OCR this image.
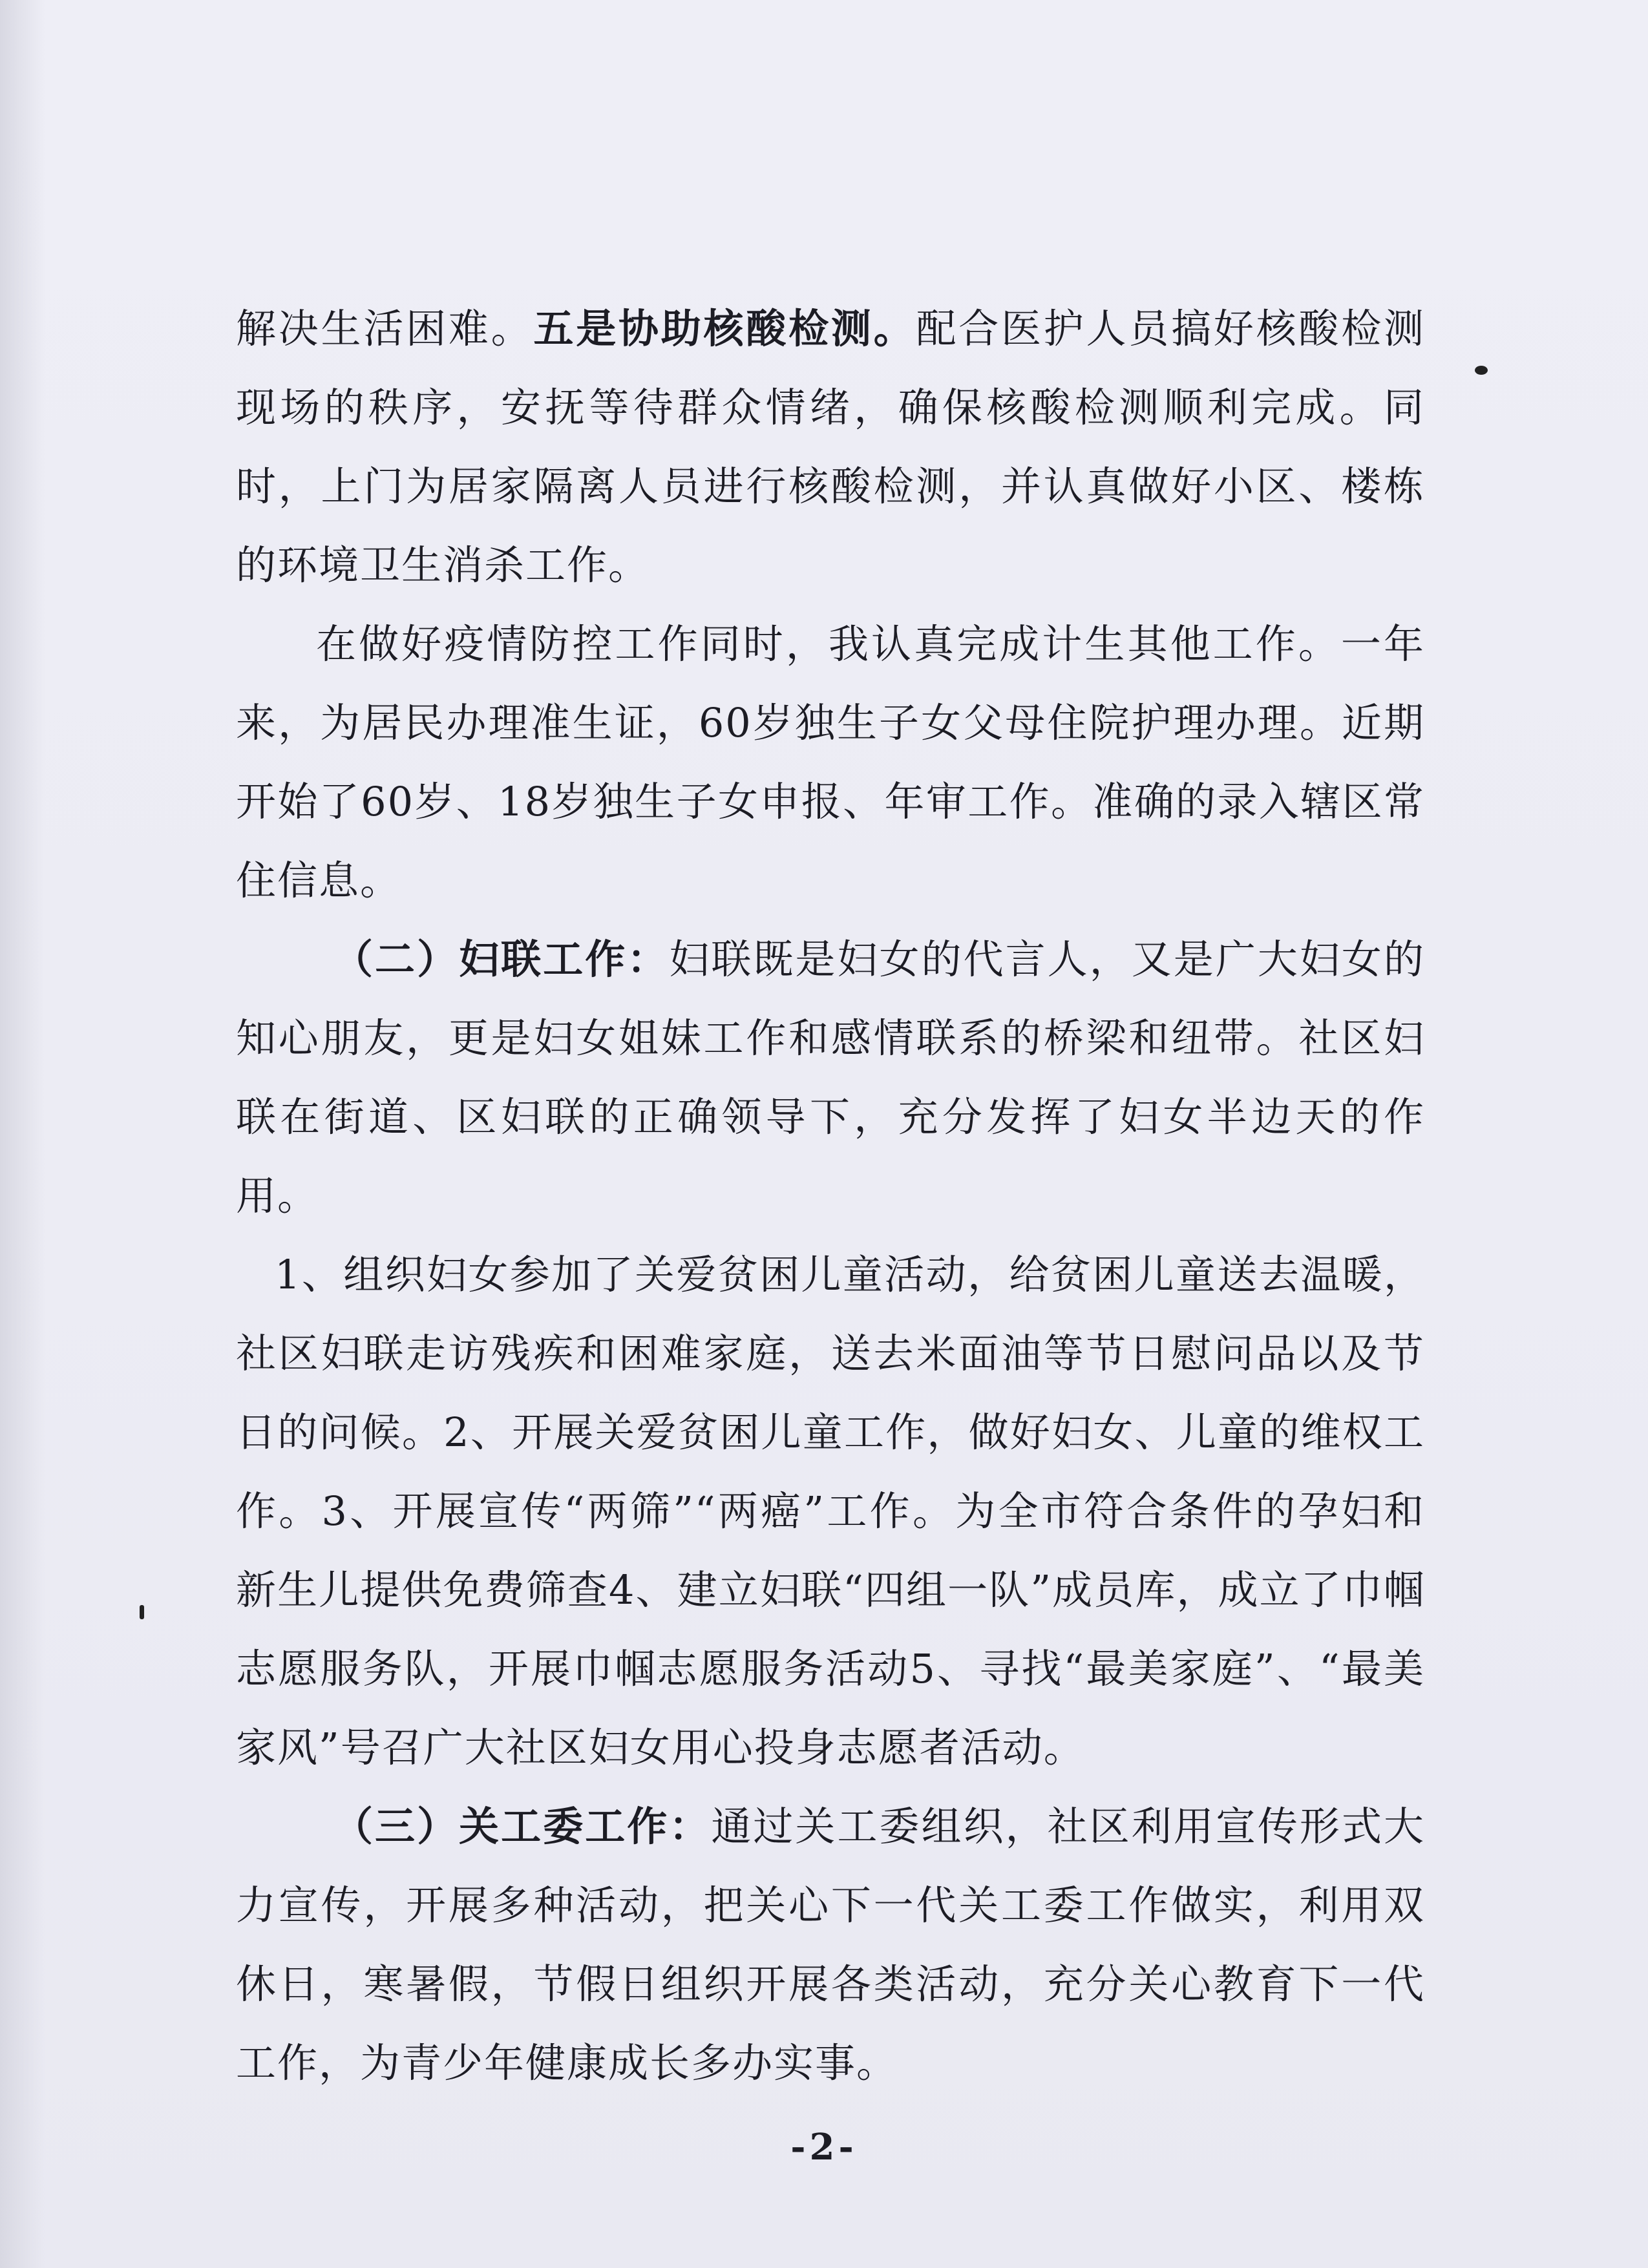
解决生活困难。五是协助核酸检测。配合医护人员搞好核酸检测现场的秩序，安抚等待群众情绪，确保核酸检测顺利完成。同时，上门为居家隔离人员进行核酸检测，并认真做好小区、楼栋的环境卫生消杀工作。

在做好疫情防控工作同时，我认真完成计生其他工作。一年来，为居民办理准生证，60岁独生子女父母住院护理办理。近期开始了60岁、18岁独生子女申报、年审工作。准确的录入辖区常住信息。

（二）妇联工作：妇联既是妇女的代言人，又是广大妇女的知心朋友，更是妇女姐妹工作和感情联系的桥梁和纽带。社区妇联在街道、区妇联的正确领导下，充分发挥了妇女半边天的作用。

1、组织妇女参加了关爱贫困儿童活动，给贫困儿童送去温暖，社区妇联走访残疾和困难家庭，送去米面油等节日慰问品以及节日的问候。2、开展关爱贫困儿童工作，做好妇女、儿童的维权工作。3、开展宣传“两筛”“两癌”工作。为全市符合条件的孕妇和新生儿提供免费筛查4、建立妇联“四组一队”成员库，成立了巾帼志愿服务队，开展巾帼志愿服务活动5、寻找“最美家庭”、“最美家风”号召广大社区妇女用心投身志愿者活动。

（三）关工委工作：通过关工委组织，社区利用宣传形式大力宣传，开展多种活动，把关心下一代关工委工作做实，利用双休日，寒暑假，节假日组织开展各类活动，充分关心教育下一代工作，为青少年健康成长多办实事。

-2-
